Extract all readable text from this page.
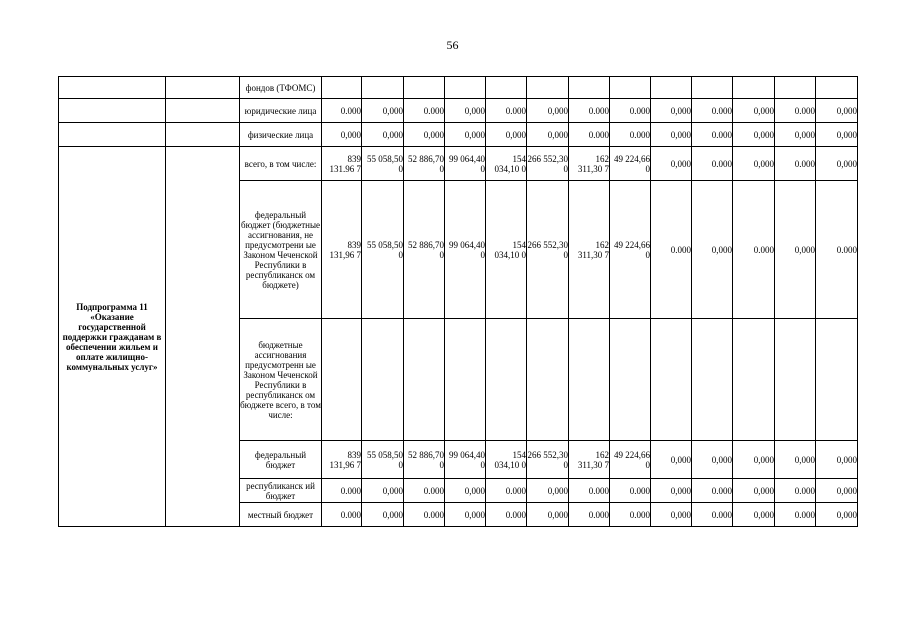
56
		фондов (ТФОМС)													
		юридические лица	0.000	0,000	0.000	0,000	0.000	0,000	0.000	0.000	0,000	0.000	0,000	0.000	0,000
		физические лица	0,000	0,000	0,000	0,000	0,000	0,000	0.000	0.000	0,000	0.000	0,000	0,000	0,000
Подпрограмма 11 «Оказание государственной поддержки гражданам в обеспечении жильем и оплате жилищно-коммунальных услуг»		всего, в том числе:	839 131.96 7	55 058,50 0	52 886,70 0	99 064,40 0	154 034,10 0	266 552,30 0	162 311,30 7	49 224,66 0	0,000	0.000	0,000	0.000	0,000
		федеральный бюджет (бюджетные ассигнования, не предусмотрени ые Законом Чеченской Республики в республиканск ом бюджете)	839 131,96 7	55 058,50 0	52 886,70 0	99 064,40 0	154 034,10 0	266 552,30 0	162 311,30 7	49 224,66 0	0.000	0,000	0.000	0,000	0.000
		бюджетные ассигнования предусмотренн ые Законом Чеченской Республики в республиканск ом бюджете всего, в том числе:													
		федеральный бюджет	839 131,96 7	55 058,50 0	52 886,70 0	99 064,40 0	154 034,10 0	266 552,30 0	162 311,30 7	49 224,66 0	0,000	0,000	0,000	0,000	0,000
		республиканск ий бюджет	0.000	0,000	0.000	0,000	0.000	0,000	0.000	0.000	0,000	0.000	0,000	0.000	0,000
		местный бюджет	0.000	0,000	0.000	0,000	0.000	0,000	0.000	0.000	0,000	0.000	0,000	0.000	0,000
